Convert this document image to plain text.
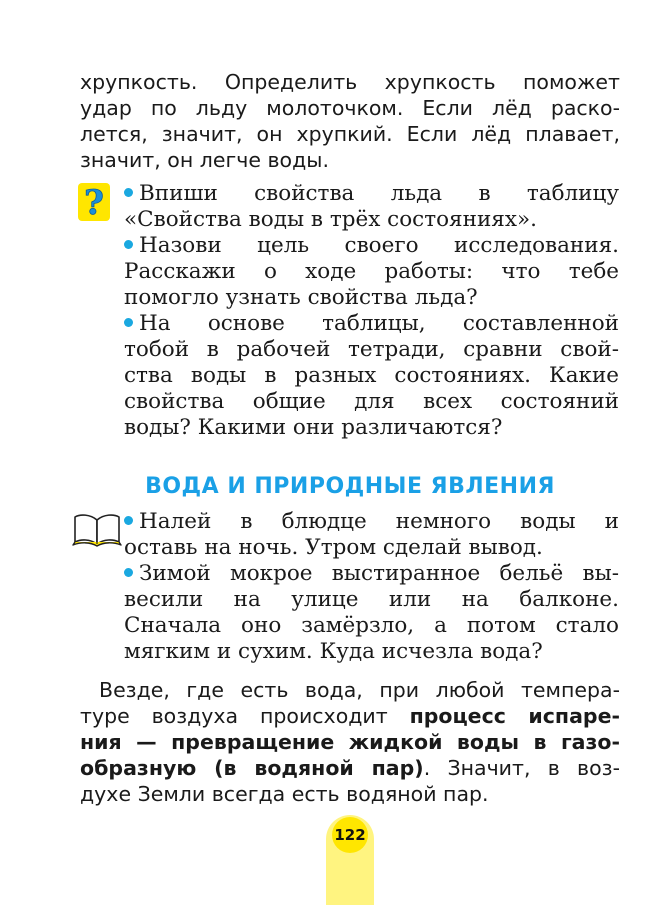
хрупкость. Определить хрупкость поможет
удар по льду молоточком. Если лёд раско-
лется, значит, он хрупкий. Если лёд плавает,
значит, он легче воды.
?	Впиши свойства льда в таблицу
«Свойства воды в трёх состояниях».
Назови цель своего исследования.
Расскажи о ходе работы: что тебе
помогло узнать свойства льда?
На основе таблицы, составленной
тобой в рабочей тетради, сравни свой-
ства воды в разных состояниях. Какие
свойства общие для всех состояний
воды? Какими они различаются?
ВОДА И ПРИРОДНЫЕ ЯВЛЕНИЯ
Налей в блюдце немного воды и
оставь на ночь. Утром сделай вывод.
Зимой мокрое выстиранное бельё вы-
весили на улице или на балконе.
Сначала оно замёрзло, а потом стало
мягким и сухим. Куда исчезла вода?
Везде, где есть вода, при любой темпера-
туре воздуха происходит процесс испаре-
ния — превращение жидкой воды в газо-
образную (в водяной пар). Значит, в воз-
духе Земли всегда есть водяной пар.
122
